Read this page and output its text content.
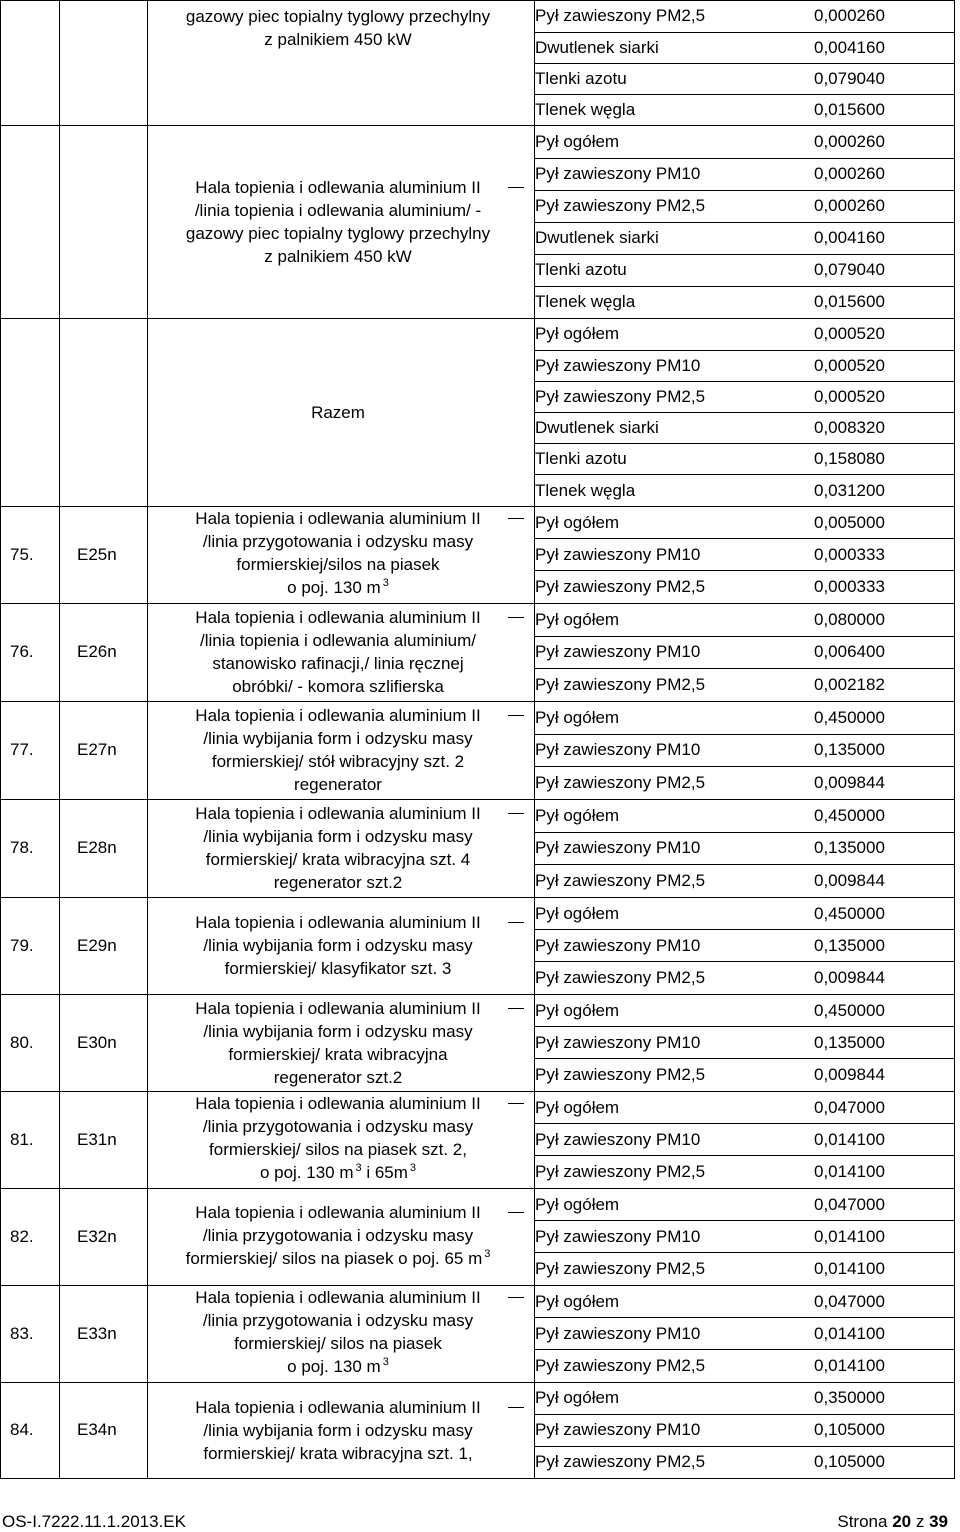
gazowy piec topialny tyglowy przechylny
z palnikiem 450 kW

Pył zawieszony PM2,5	0,000260
Dwutlenek siarki	0,004160
Tlenki azotu	0,079040
Tlenek węgla	0,015600

Hala topienia i odlewania aluminium II
/linia topienia i odlewania aluminium/ -
gazowy piec topialny tyglowy przechylny
z palnikiem 450 kW

Pył ogółem	0,000260
Pył zawieszony PM10	0,000260
Pył zawieszony PM2,5	0,000260
Dwutlenek siarki	0,004160
Tlenki azotu	0,079040
Tlenek węgla	0,015600

Razem

Pył ogółem	0,000520
Pył zawieszony PM10	0,000520
Pył zawieszony PM2,5	0,000520
Dwutlenek siarki	0,008320
Tlenki azotu	0,158080
Tlenek węgla	0,031200

75.	E25n	
Hala topienia i odlewania aluminium II
/linia przygotowania i odzysku masy
formierskiej/silos na piasek
o poj. 130 m $^3$

Pył ogółem	0,005000
Pył zawieszony PM10	0,000333
Pył zawieszony PM2,5	0,000333

76.	E26n	
Hala topienia i odlewania aluminium II
/linia topienia i odlewania aluminium/
stanowisko rafinacji,/ linia ręcznej
obróbki/ - komora szlifierska

Pył ogółem	0,080000
Pył zawieszony PM10	0,006400
Pył zawieszony PM2,5	0,002182

77.	E27n	
Hala topienia i odlewania aluminium II
/linia wybijania form i odzysku masy
formierskiej/ stół wibracyjny szt. 2
regenerator

Pył ogółem	0,450000
Pył zawieszony PM10	0,135000
Pył zawieszony PM2,5	0,009844

78.	E28n	
Hala topienia i odlewania aluminium II
/linia wybijania form i odzysku masy
formierskiej/ krata wibracyjna szt. 4
regenerator szt.2

Pył ogółem	0,450000
Pył zawieszony PM10	0,135000
Pył zawieszony PM2,5	0,009844

79.	E29n	
Hala topienia i odlewania aluminium II
/linia wybijania form i odzysku masy
formierskiej/ klasyfikator szt. 3

Pył ogółem	0,450000
Pył zawieszony PM10	0,135000
Pył zawieszony PM2,5	0,009844

80.	E30n	
Hala topienia i odlewania aluminium II
/linia wybijania form i odzysku masy
formierskiej/ krata wibracyjna
regenerator szt.2

Pył ogółem	0,450000
Pył zawieszony PM10	0,135000
Pył zawieszony PM2,5	0,009844

81.	E31n	
Hala topienia i odlewania aluminium II
/linia przygotowania i odzysku masy
formierskiej/ silos na piasek szt. 2,
o poj. 130 m $^3$ i 65m $^3$

Pył ogółem	0,047000
Pył zawieszony PM10	0,014100
Pył zawieszony PM2,5	0,014100

82.	E32n	
Hala topienia i odlewania aluminium II
/linia przygotowania i odzysku masy
formierskiej/ silos na piasek o poj. 65 m $^3$

Pył ogółem	0,047000
Pył zawieszony PM10	0,014100
Pył zawieszony PM2,5	0,014100

83.	E33n	
Hala topienia i odlewania aluminium II
/linia przygotowania i odzysku masy
formierskiej/ silos na piasek
o poj. 130 m $^3$

Pył ogółem	0,047000
Pył zawieszony PM10	0,014100
Pył zawieszony PM2,5	0,014100

84.	E34n	
Hala topienia i odlewania aluminium II
/linia wybijania form i odzysku masy
formierskiej/ krata wibracyjna szt. 1,

Pył ogółem	0,350000
Pył zawieszony PM10	0,105000
Pył zawieszony PM2,5	0,105000
OS-I.7222.11.1.2013.EK	Strona 20 z 39
